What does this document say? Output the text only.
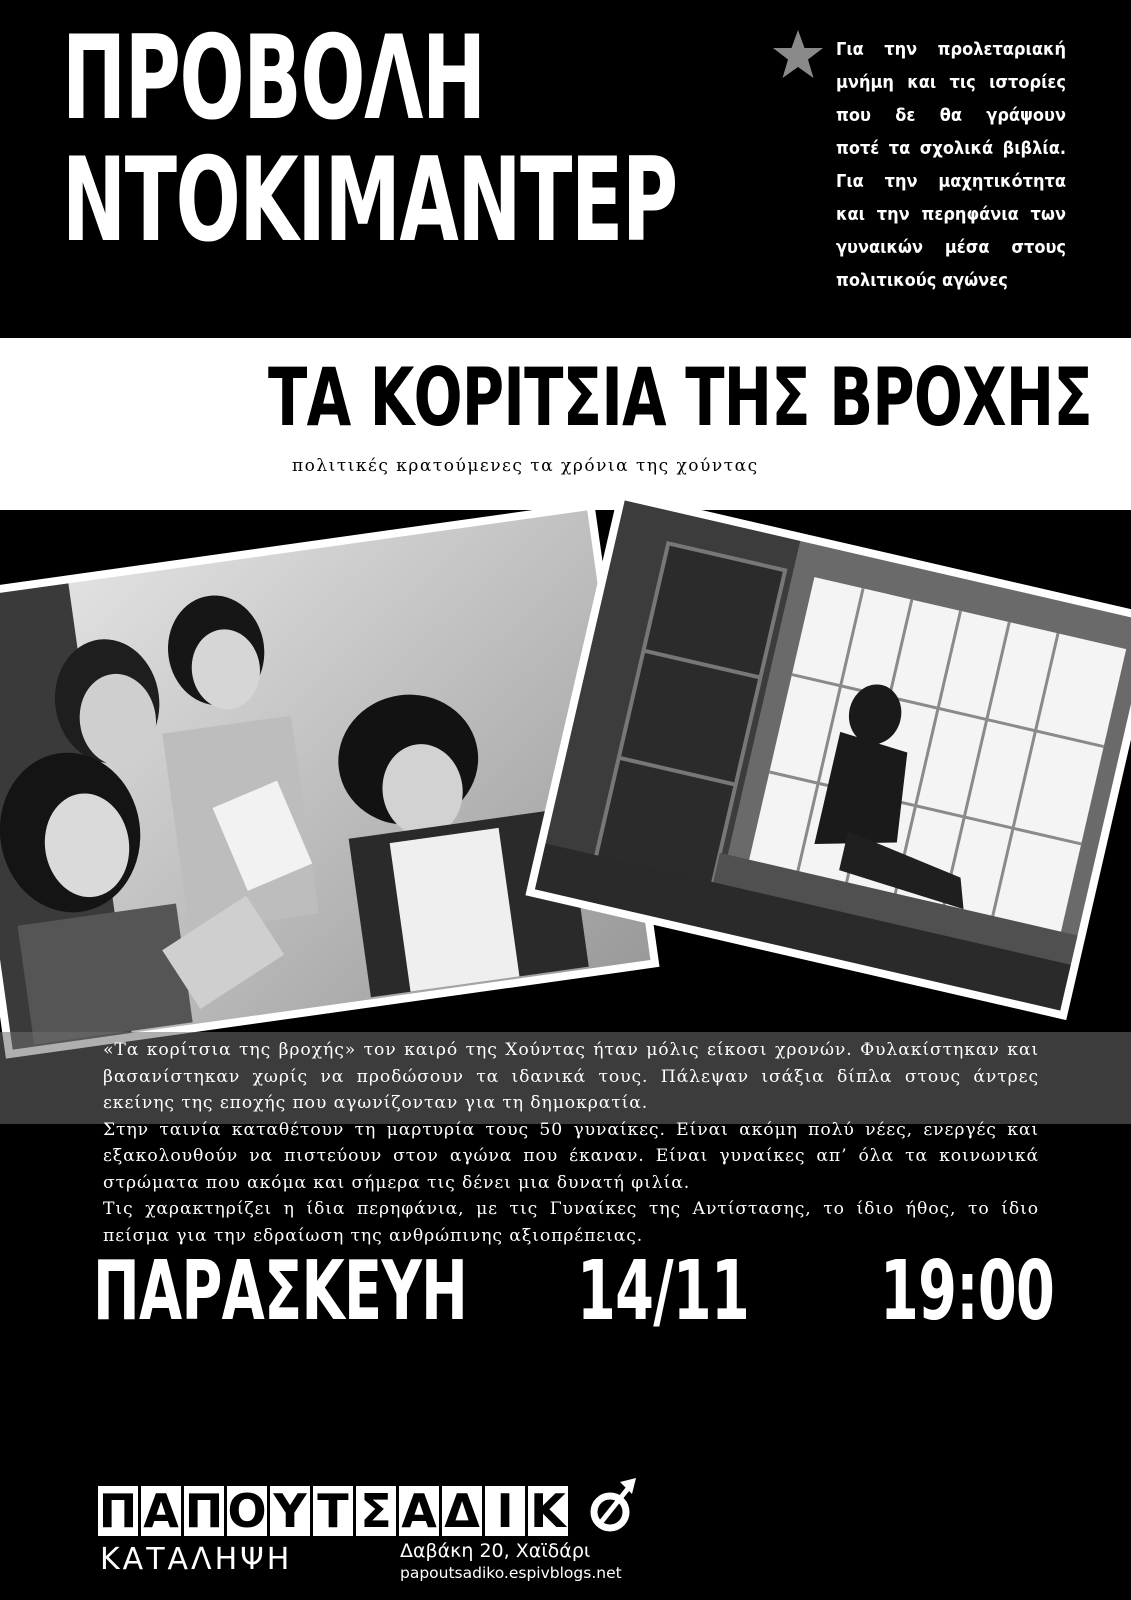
ΠΡΟΒΟΛΗ
ΝΤΟΚΙΜΑΝΤΕΡ
Για την προλεταριακή
μνήμη και τις ιστορίες
που δε θα γράψουν
ποτέ τα σχολικά βιβλία.
Για την μαχητικότητα
και την περηφάνια των
γυναικών μέσα στους
πολιτικούς αγώνες
ΤΑ ΚΟΡΙΤΣΙΑ ΤΗΣ ΒΡΟΧΗΣ
πολιτικές κρατούμενες τα χρόνια της χούντας

«Τα κορίτσια της βροχής» τον καιρό της Χούντας ήταν μόλις είκοσι χρονών. Φυλακίστηκαν και βασανίστηκαν χωρίς να προδώσουν τα ιδανικά τους. Πάλεψαν ισάξια δίπλα στους άντρες εκείνης της εποχής που αγωνίζονταν για τη δημοκρατία.

Στην ταινία καταθέτουν τη μαρτυρία τους 50 γυναίκες. Είναι ακόμη πολύ νέες, ενεργές και εξακολουθούν να πιστεύουν στον αγώνα που έκαναν. Είναι γυναίκες απ’ όλα τα κοινωνικά στρώματα που ακόμα και σήμερα τις δένει μια δυνατή φιλία.

Τις χαρακτηρίζει η ίδια περηφάνια, με τις Γυναίκες της Αντίστασης, το ίδιο ήθος, το ίδιο πείσμα για την εδραίωση της ανθρώπινης αξιοπρέπειας.

ΠΑΡΑΣΚΕΥΗ 14/11 19:00
Π Α ΠΟ Υ Τ Σ Α Δ Ι Κ
ΚΑΤΑΛΗΨΗ	Δαβάκη 20, Χαϊδάρι
papoutsadiko.espivblogs.net
